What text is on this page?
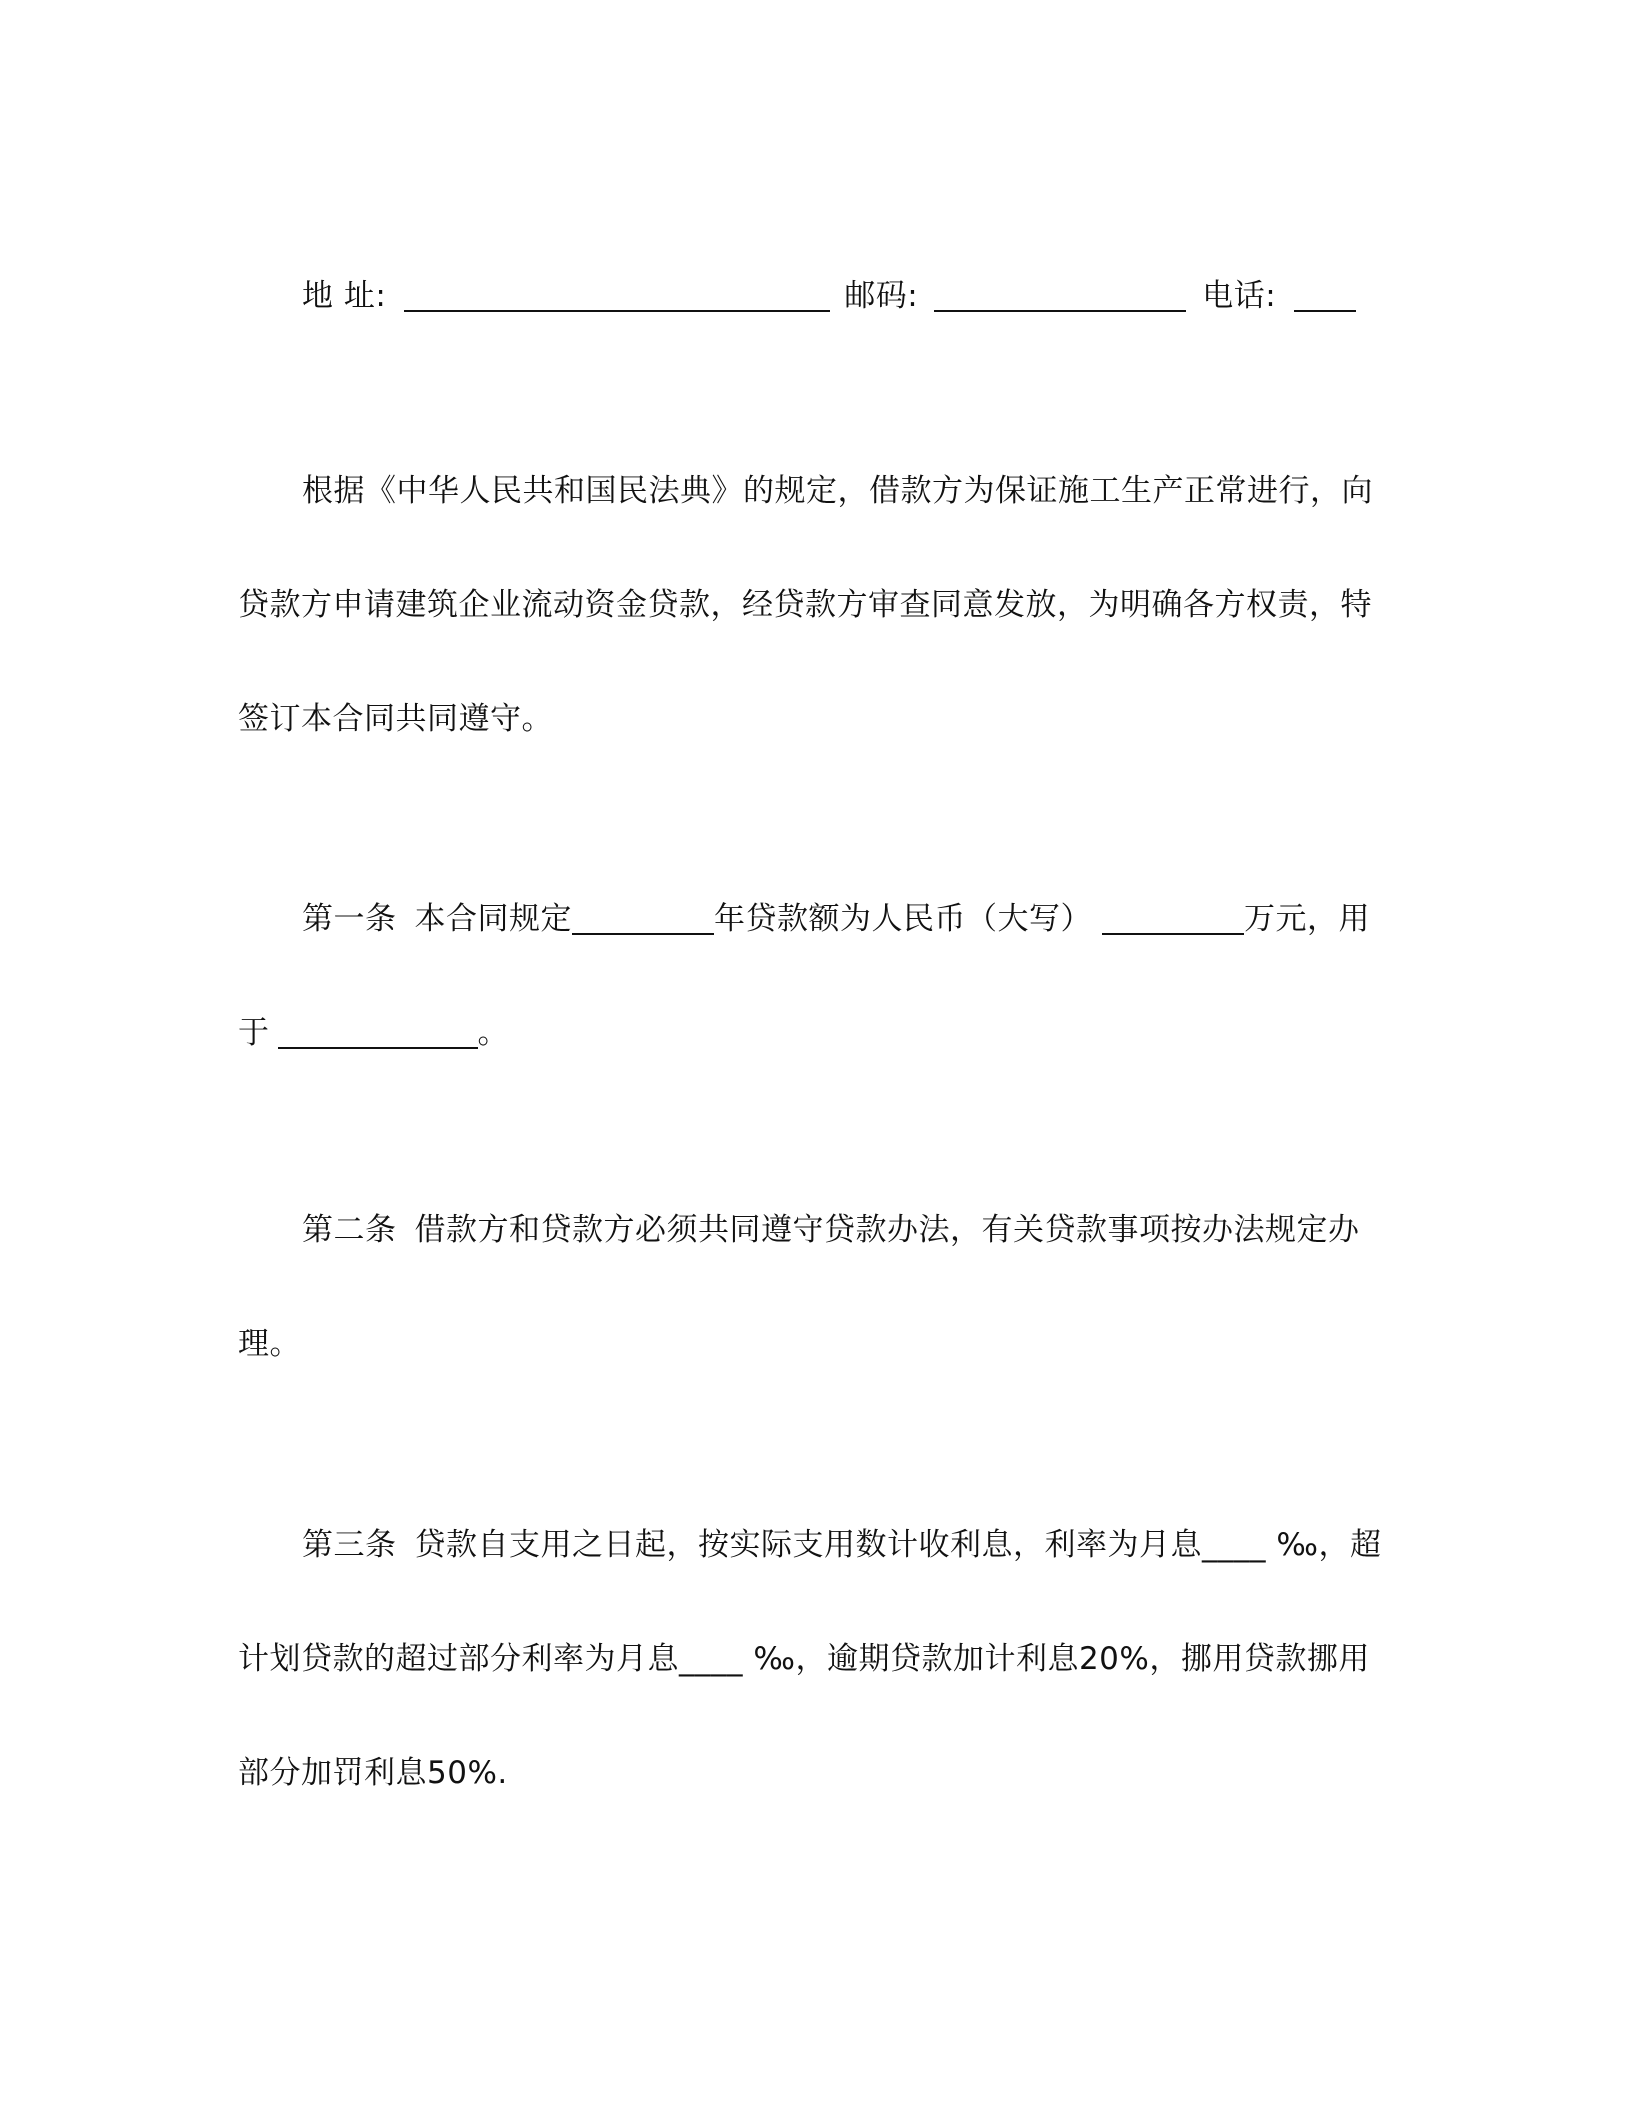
地 址:	邮码:	电话:
根据《中华人民共和国民法典》的规定，借款方为保证施工生产正常进行，向
贷款方申请建筑企业流动资金贷款，经贷款方审查同意发放，为明确各方权责，特
签订本合同共同遵守。
第一条 本合同规定	年贷款额为人民币（大写）	万元，用
于	。
第二条 借款方和贷款方必须共同遵守贷款办法，有关贷款事项按办法规定办
理。
第三条 贷款自支用之日起，按实际支用数计收利息，利率为月息____ ‰，超
计划贷款的超过部分利率为月息____ ‰，逾期贷款加计利息20%，挪用贷款挪用
部分加罚利息50%.
